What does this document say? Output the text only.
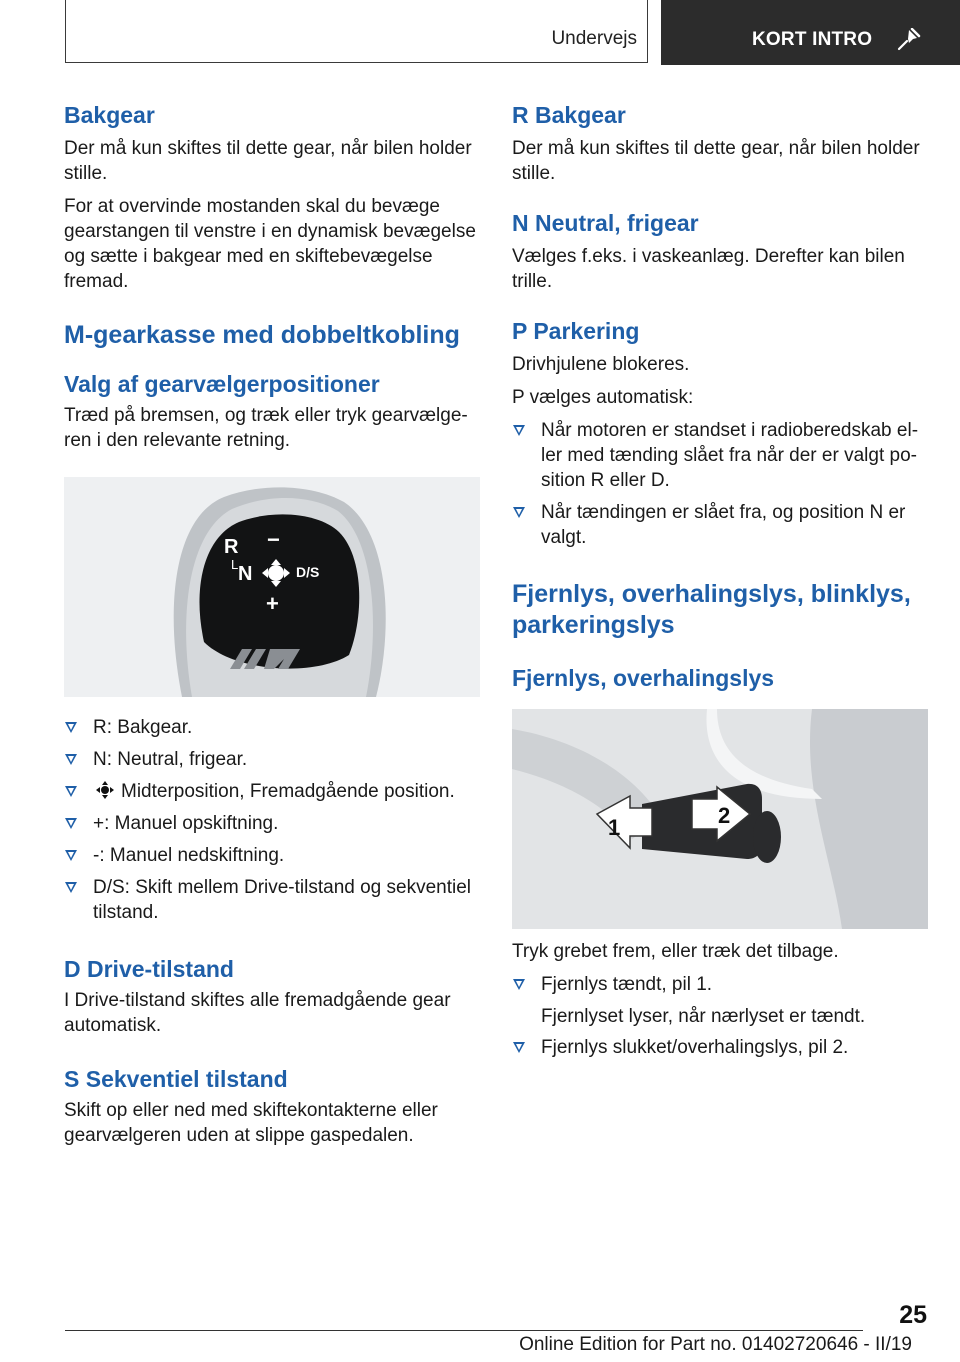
Undervejs	KORT INTRO
Bakgear

Der må kun skiftes til dette gear, når bilen holder stille.

For at overvinde mostanden skal du bevæge gearstangen til venstre i en dynamisk bevægelse og sætte i bakgear med en skiftebevægelse fremad.

M-gearkasse med dobbeltkobling
Valg af gearvælgerpositioner

Træd på bremsen, og træk eller tryk gearvælge-ren i den relevante retning.

R −
L N	D/S
+
R: Bakgear.
N: Neutral, frigear.
Midterposition, Fremadgående position.
+: Manuel opskiftning.
-: Manuel nedskiftning.
D/S: Skift mellem Drive-tilstand og sekventiel tilstand.
D Drive-tilstand

I Drive-tilstand skiftes alle fremadgående gear automatisk.

S Sekventiel tilstand

Skift op eller ned med skiftekontakterne eller gearvælgeren uden at slippe gaspedalen.

R Bakgear

Der må kun skiftes til dette gear, når bilen holder stille.

N Neutral, frigear

Vælges f.eks. i vaskeanlæg. Derefter kan bilen trille.

P Parkering

Drivhjulene blokeres.

P vælges automatisk:

Når motoren er standset i radioberedskab el-ler med tænding slået fra når der er valgt po-sition R eller D.
Når tændingen er slået fra, og position N er valgt.
Fjernlys, overhalingslys, blinklys, parkeringslys
Fjernlys, overhalingslys
1	2

Tryk grebet frem, eller træk det tilbage.

Fjernlys tændt, pil 1.
Fjernlyset lyser, når nærlyset er tændt.
Fjernlys slukket/overhalingslys, pil 2.
25
Online Edition for Part no. 01402720646 - II/19
